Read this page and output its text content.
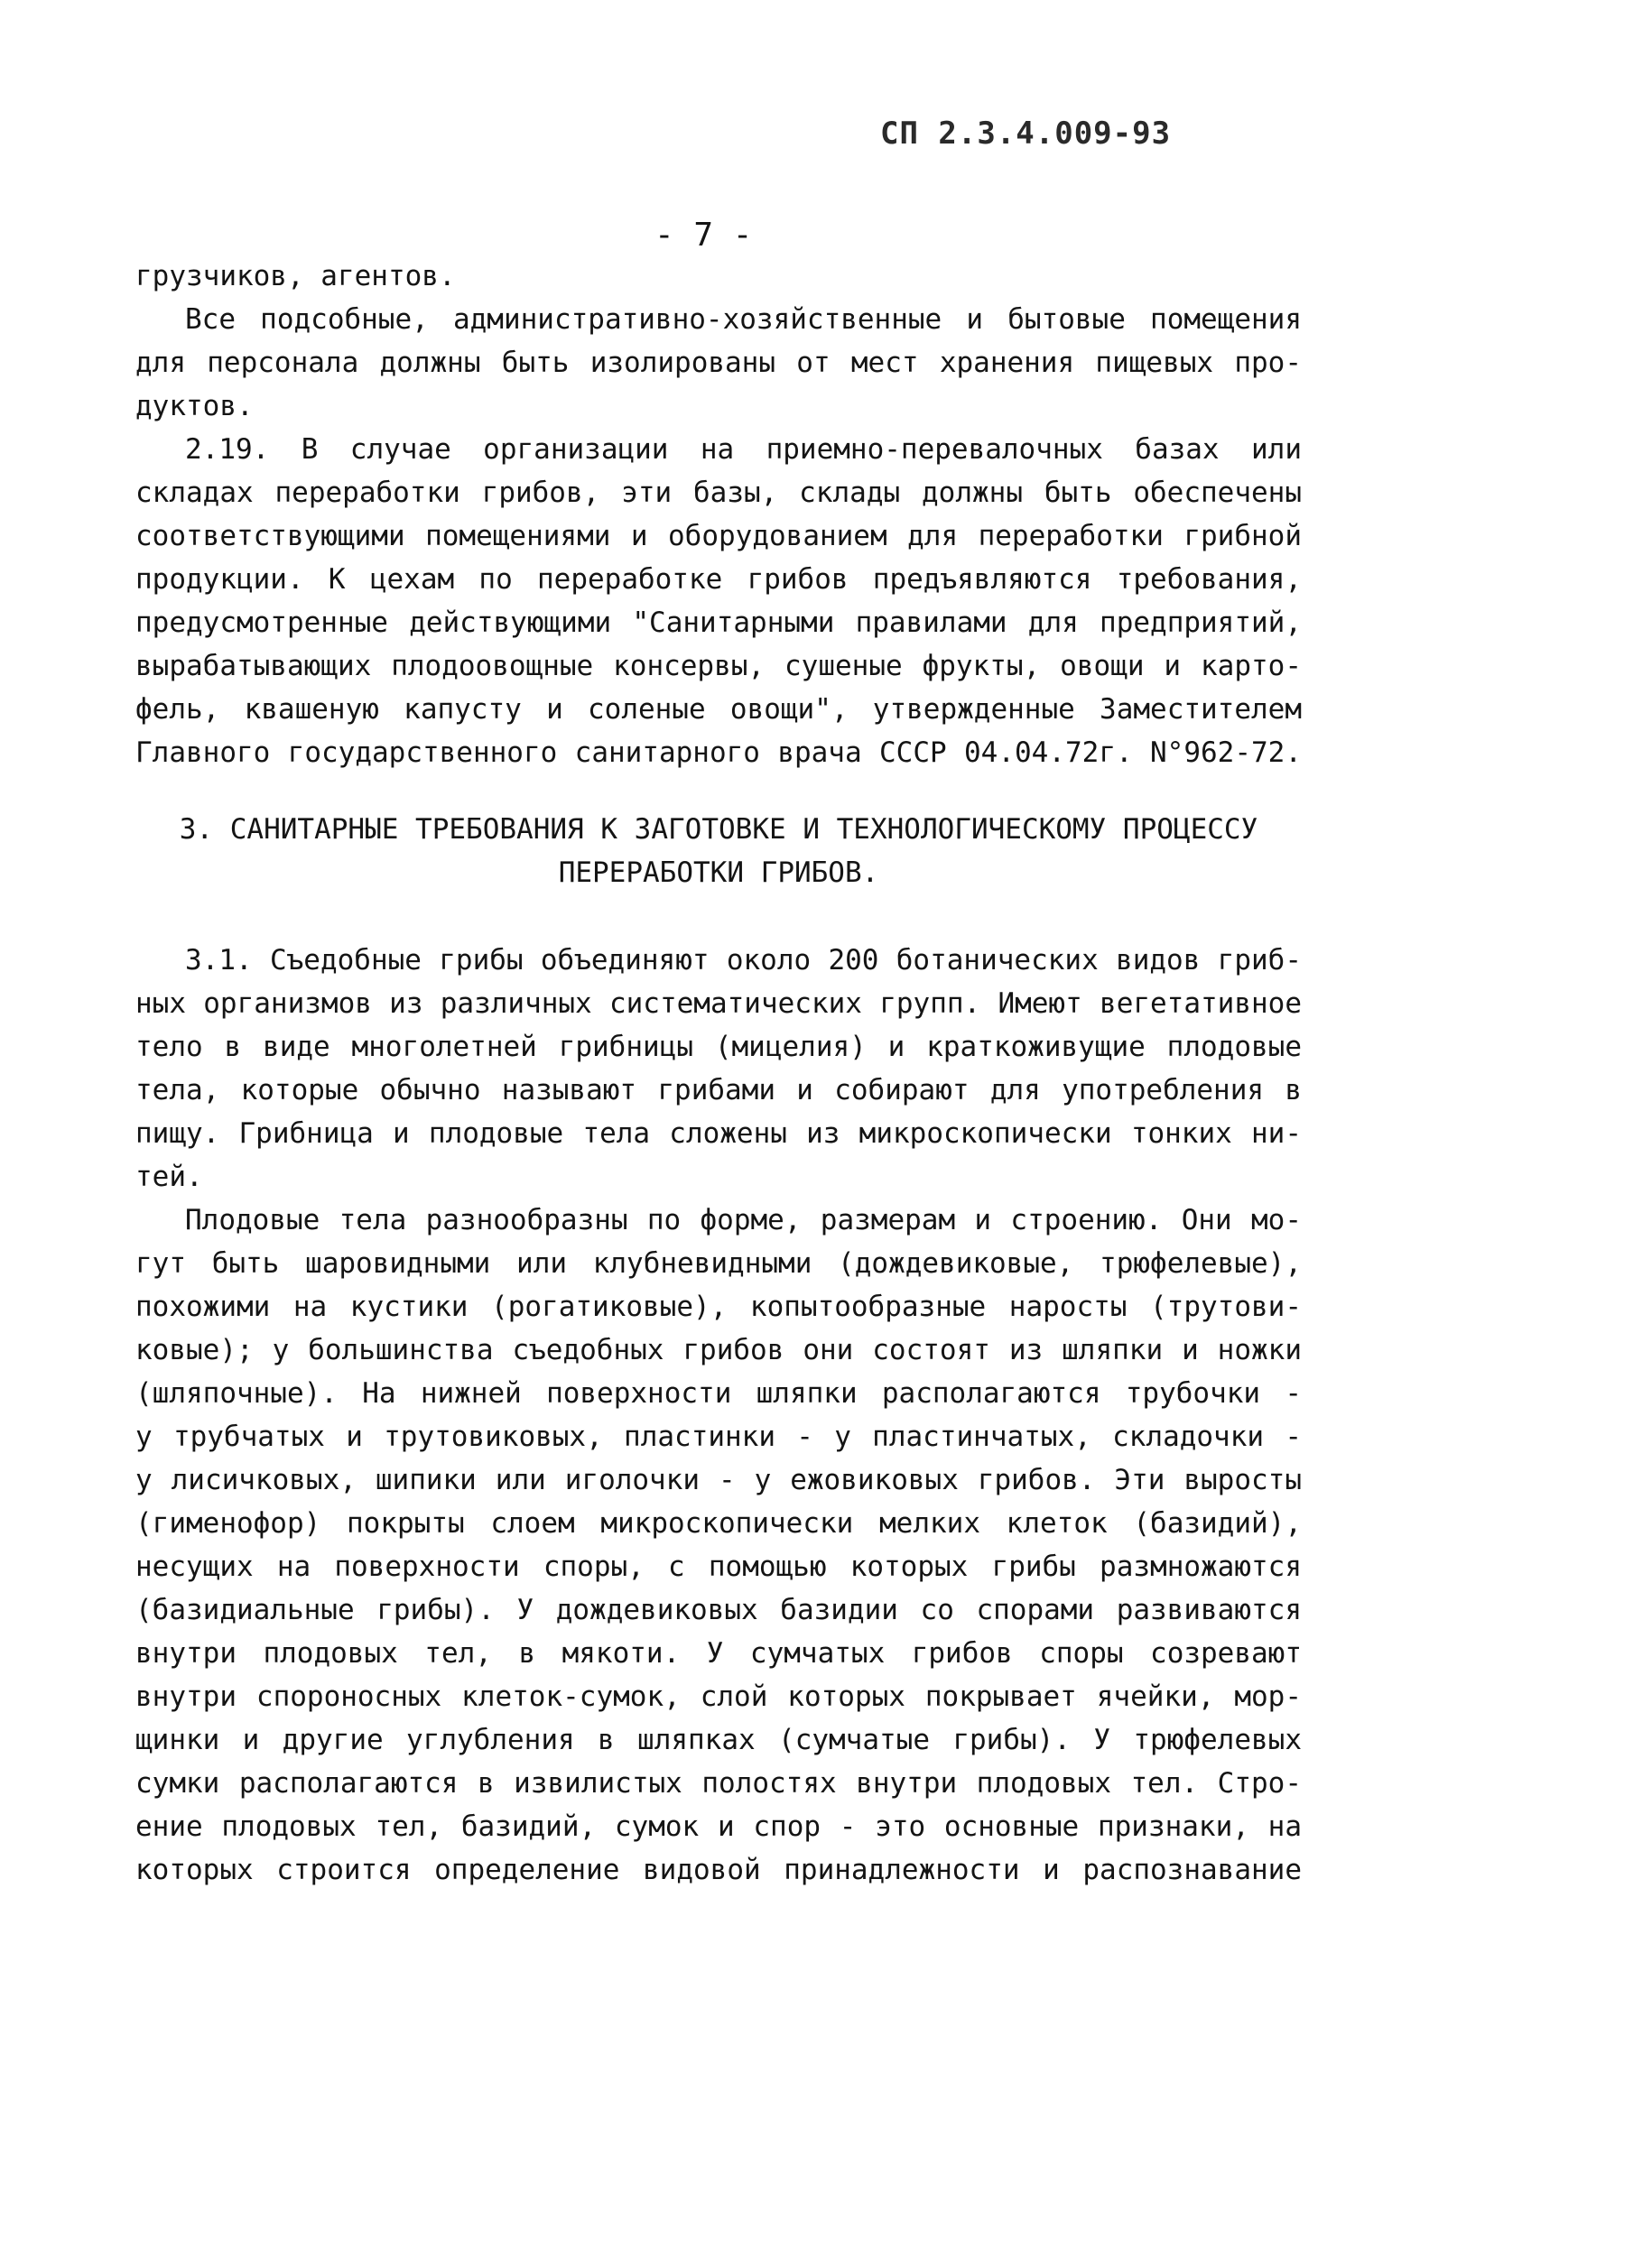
СП 2.3.4.009-93
- 7 -
грузчиков, агентов.
Все подсобные, административно-хозяйственные и бытовые помещения
для персонала должны быть изолированы от мест хранения пищевых про-
дуктов.
2.19. В случае организации на приемно-перевалочных базах или
складах переработки грибов, эти базы, склады должны быть обеспечены
соответствующими помещениями и оборудованием для переработки грибной
продукции. К цехам по переработке грибов предъявляются требования,
предусмотренные действующими "Санитарными правилами для предприятий,
вырабатывающих плодоовощные консервы, сушеные фрукты, овощи и карто-
фель, квашеную капусту и соленые овощи", утвержденные Заместителем
Главного государственного санитарного врача СССР 04.04.72г. N°962-72.
3. САНИТАРНЫЕ ТРЕБОВАНИЯ К ЗАГОТОВКЕ И ТЕХНОЛОГИЧЕСКОМУ ПРОЦЕССУ
ПЕРЕРАБОТКИ ГРИБОВ.
3.1. Съедобные грибы объединяют около 200 ботанических видов гриб-
ных организмов из различных систематических групп. Имеют вегетативное
тело в виде многолетней грибницы (мицелия) и краткоживущие плодовые
тела, которые обычно называют грибами и собирают для употребления в
пищу. Грибница и плодовые тела сложены из микроскопически тонких ни-
тей.
Плодовые тела разнообразны по форме, размерам и строению. Они мо-
гут быть шаровидными или клубневидными (дождевиковые, трюфелевые),
похожими на кустики (рогатиковые), копытообразные наросты (трутови-
ковые); у большинства съедобных грибов они состоят из шляпки и ножки
(шляпочные). На нижней поверхности шляпки располагаются трубочки -
у трубчатых и трутовиковых, пластинки - у пластинчатых, складочки -
у лисичковых, шипики или иголочки - у ежовиковых грибов. Эти выросты
(гименофор) покрыты слоем микроскопически мелких клеток (базидий),
несущих на поверхности споры, с помощью которых грибы размножаются
(базидиальные грибы). У дождевиковых базидии со спорами развиваются
внутри плодовых тел, в мякоти. У сумчатых грибов споры созревают
внутри спороносных клеток-сумок, слой которых покрывает ячейки, мор-
щинки и другие углубления в шляпках (сумчатые грибы). У трюфелевых
сумки располагаются в извилистых полостях внутри плодовых тел. Стро-
ение плодовых тел, базидий, сумок и спор - это основные признаки, на
которых строится определение видовой принадлежности и распознавание
